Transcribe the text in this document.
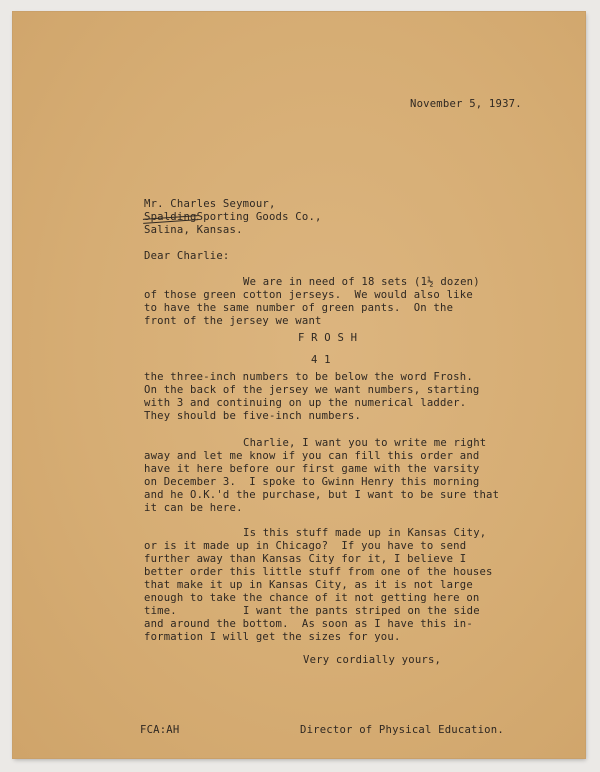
November 5, 1937.
Mr. Charles Seymour,
SpaldingSporting Goods Co.,
Salina, Kansas.
Dear Charlie:
We are in need of 18 sets (1½ dozen)
of those green cotton jerseys.  We would also like
to have the same number of green pants.  On the
front of the jersey we want
F R O S H
4 1
the three-inch numbers to be below the word Frosh.
On the back of the jersey we want numbers, starting
with 3 and continuing on up the numerical ladder.
They should be five-inch numbers.
Charlie, I want you to write me right
away and let me know if you can fill this order and
have it here before our first game with the varsity
on December 3.  I spoke to Gwinn Henry this morning
and he O.K.'d the purchase, but I want to be sure that
it can be here.
Is this stuff made up in Kansas City,
or is it made up in Chicago?  If you have to send
further away than Kansas City for it, I believe I
better order this little stuff from one of the houses
that make it up in Kansas City, as it is not large
enough to take the chance of it not getting here on
time.	I want the pants striped on the side
and around the bottom.  As soon as I have this in-
formation I will get the sizes for you.
Very cordially yours,
FCA:AH	Director of Physical Education.
